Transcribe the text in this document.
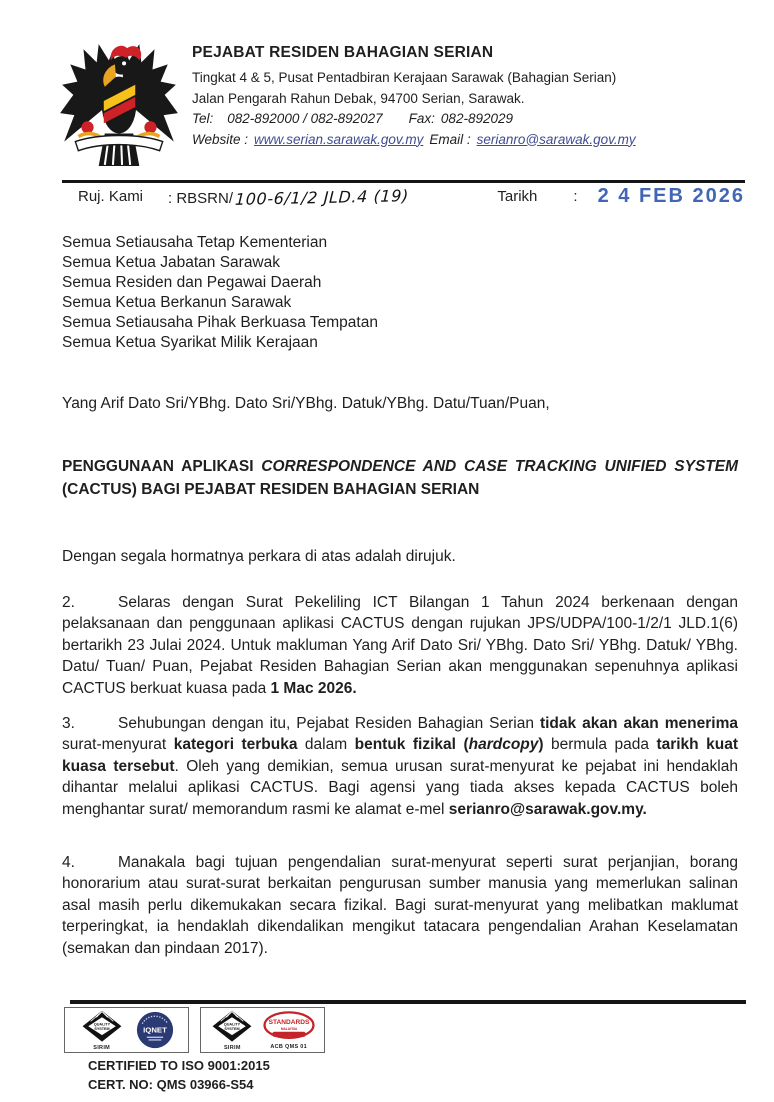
PEJABAT RESIDEN BAHAGIAN SERIAN
Tingkat 4 & 5, Pusat Pentadbiran Kerajaan Sarawak (Bahagian Serian)
Jalan Pengarah Rahun Debak, 94700 Serian, Sarawak.
Tel: 082-892000 / 082-892027 Fax: 082-892029
Website : www.serian.sarawak.gov.my Email : serianro@sarawak.gov.my
Ruj. Kami	: RBSRN/100-6/1/2 JLD.4 (19)	Tarikh : 2 4 FEB 2026
Semua Setiausaha Tetap Kementerian
Semua Ketua Jabatan Sarawak
Semua Residen dan Pegawai Daerah
Semua Ketua Berkanun Sarawak
Semua Setiausaha Pihak Berkuasa Tempatan
Semua Ketua Syarikat Milik Kerajaan
Yang Arif Dato Sri/YBhg. Dato Sri/YBhg. Datuk/YBhg. Datu/Tuan/Puan,
PENGGUNAAN APLIKASI CORRESPONDENCE AND CASE TRACKING UNIFIED SYSTEM (CACTUS) BAGI PEJABAT RESIDEN BAHAGIAN SERIAN

Dengan segala hormatnya perkara di atas adalah dirujuk.

2.	Selaras dengan Surat Pekeliling ICT Bilangan 1 Tahun 2024 berkenaan dengan pelaksanaan dan penggunaan aplikasi CACTUS dengan rujukan JPS/UDPA/100-1/2/1 JLD.1(6) bertarikh 23 Julai 2024. Untuk makluman Yang Arif Dato Sri/ YBhg. Dato Sri/ YBhg. Datuk/ YBhg. Datu/ Tuan/ Puan, Pejabat Residen Bahagian Serian akan menggunakan sepenuhnya aplikasi CACTUS berkuat kuasa pada 1 Mac 2026.

3.	Sehubungan dengan itu, Pejabat Residen Bahagian Serian tidak akan akan menerima surat-menyurat kategori terbuka dalam bentuk fizikal (hardcopy) bermula pada tarikh kuat kuasa tersebut. Oleh yang demikian, semua urusan surat-menyurat ke pejabat ini hendaklah dihantar melalui aplikasi CACTUS. Bagi agensi yang tiada akses kepada CACTUS boleh menghantar surat/ memorandum rasmi ke alamat e-mel serianro@sarawak.gov.my.

4.	Manakala bagi tujuan pengendalian surat-menyurat seperti surat perjanjian, borang honorarium atau surat-surat berkaitan pengurusan sumber manusia yang memerlukan salinan asal masih perlu dikemukakan secara fizikal. Bagi surat-menyurat yang melibatkan maklumat terperingkat, ia hendaklah dikendalikan mengikut tatacara pengendalian Arahan Keselamatan (semakan dan pindaan 2017).

QUALITY
SYSTEM
SIRIM
IQNET
QUALITY
SYSTEM
SIRIM
STANDARDS
MALAYSIA
ACB QMS 01
CERTIFIED TO ISO 9001:2015
CERT. NO: QMS 03966-S54
